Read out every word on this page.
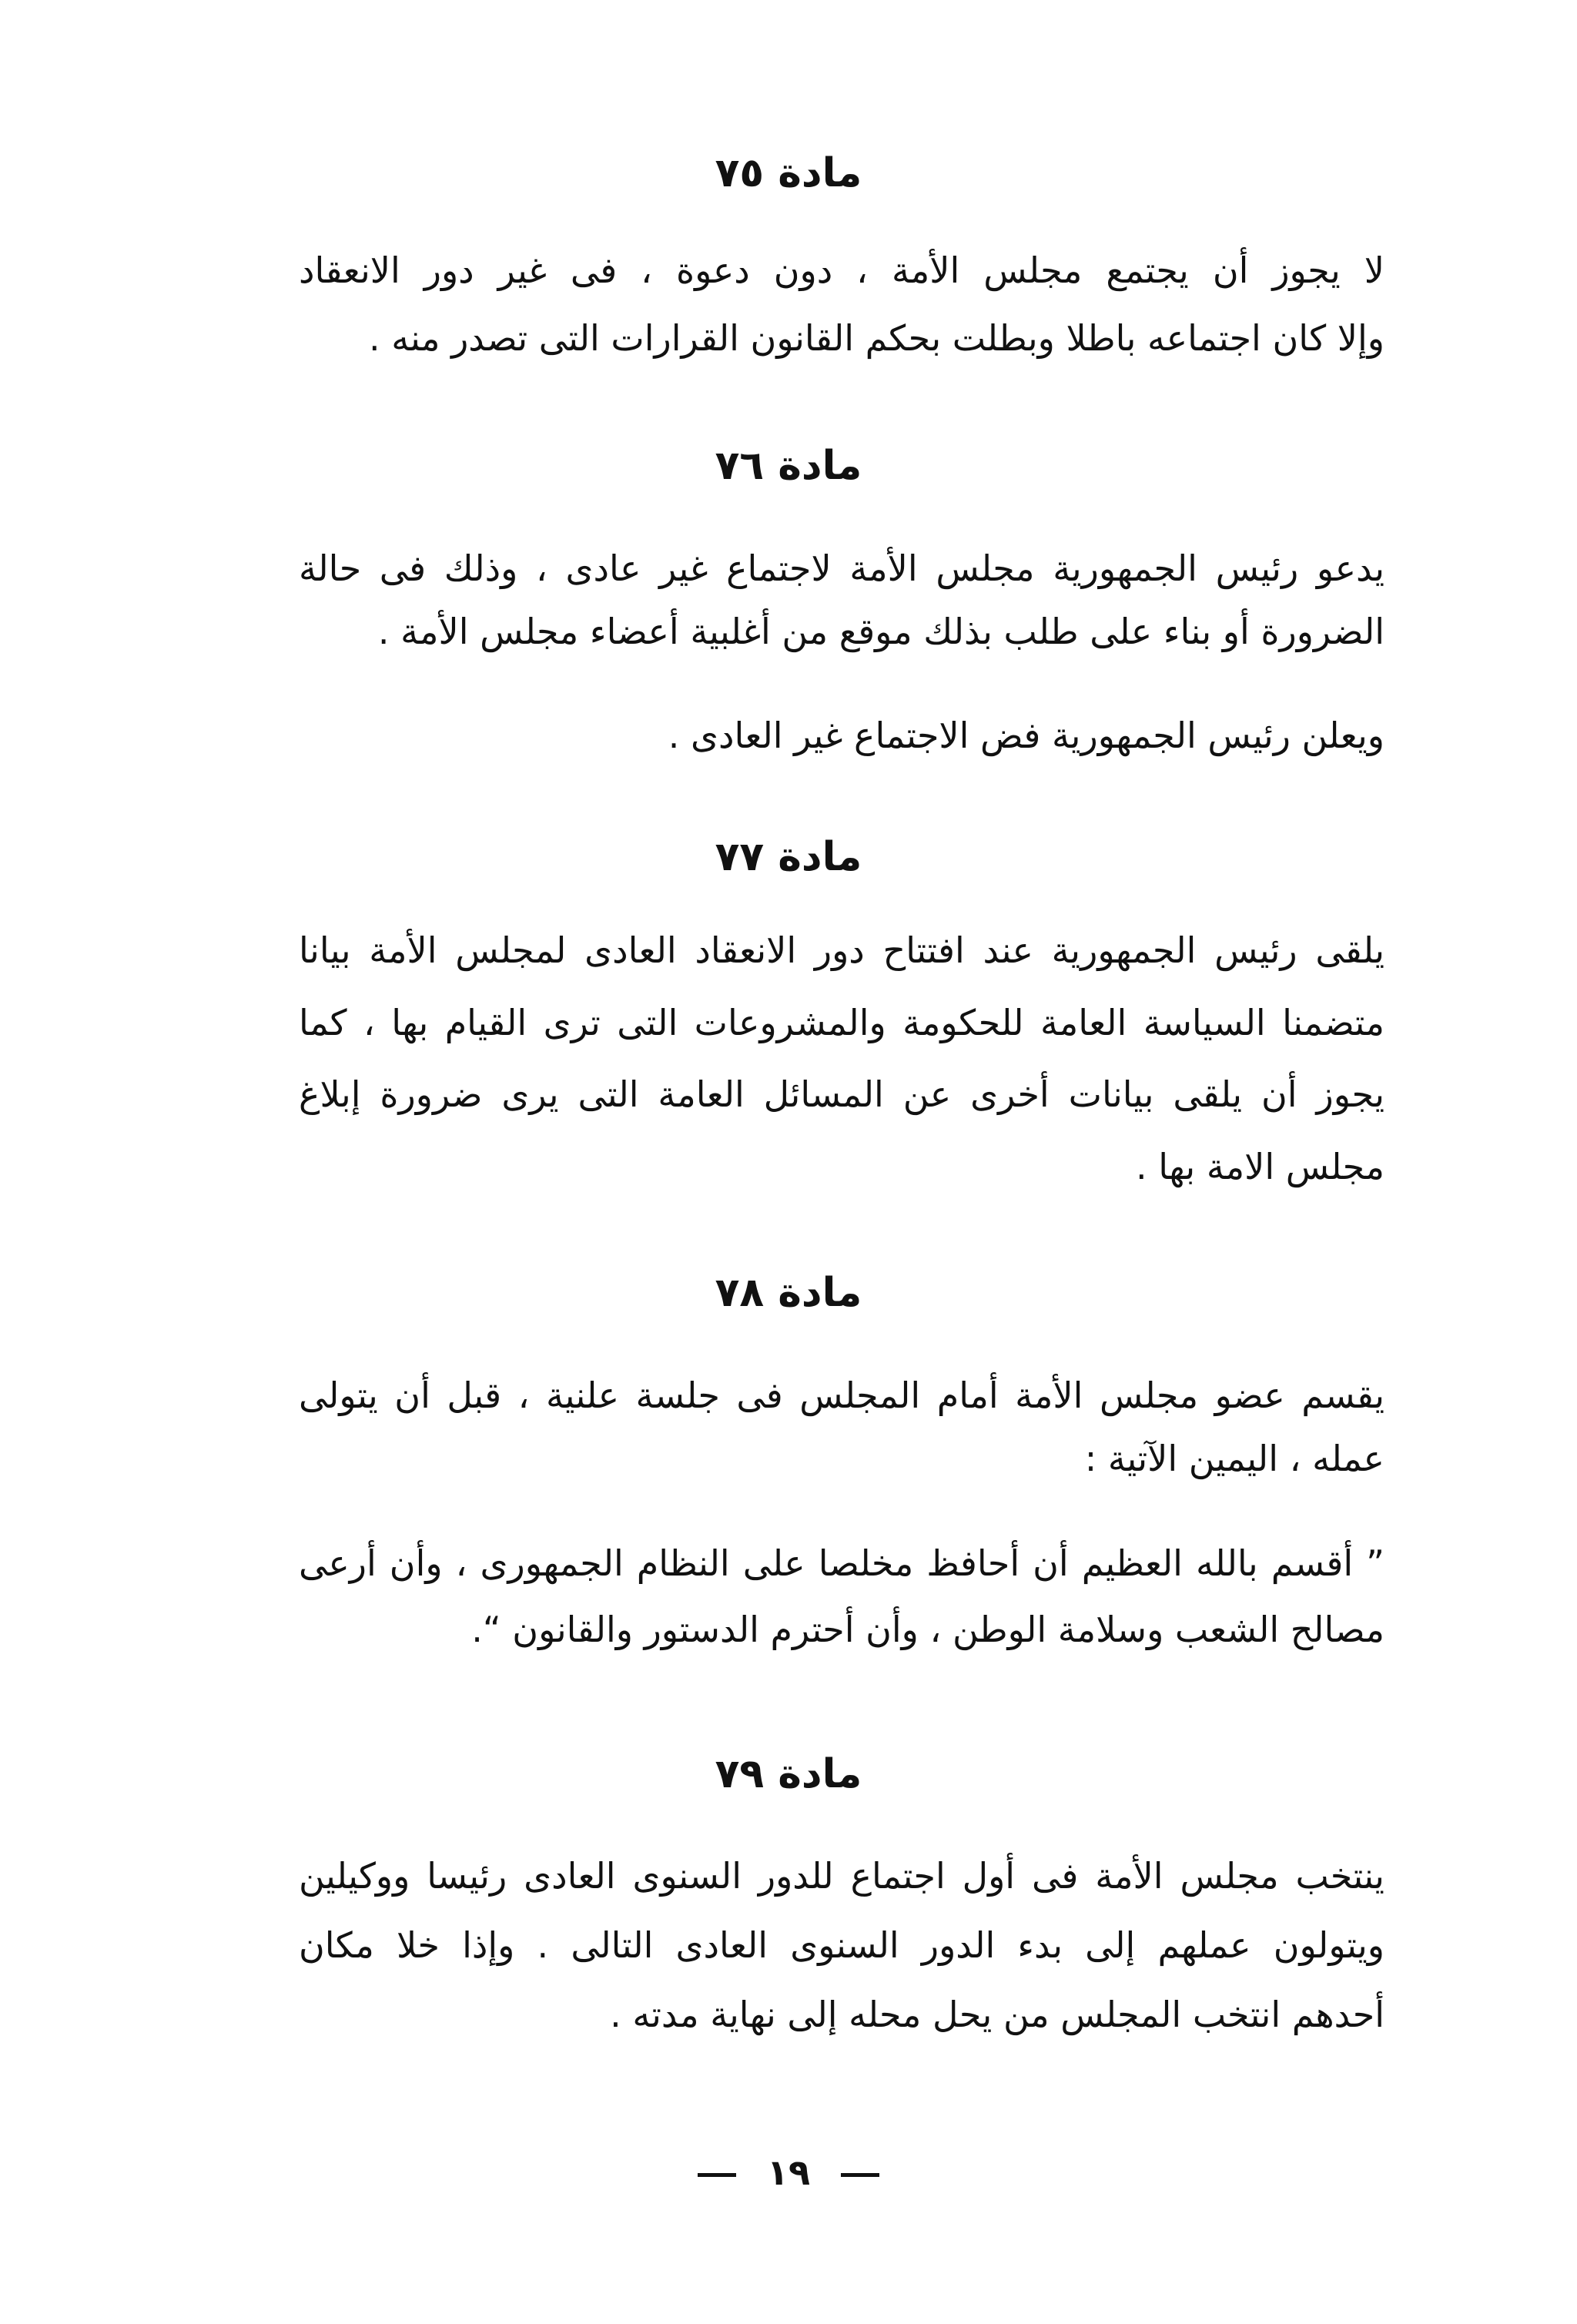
مادة ٧٥
لا يجوز أن يجتمع مجلس الأمة ، دون دعوة ، فى غير دور الانعقاد
وإلا كان اجتماعه باطلا وبطلت بحكم القانون القرارات التى تصدر منه .
مادة ٧٦
يدعو رئيس الجمهورية مجلس الأمة لاجتماع غير عادى ، وذلك فى حالة
الضرورة أو بناء على طلب بذلك موقع من أغلبية أعضاء مجلس الأمة .
ويعلن رئيس الجمهورية فض الاجتماع غير العادى .
مادة ٧٧
يلقى رئيس الجمهورية عند افتتاح دور الانعقاد العادى لمجلس الأمة بيانا
متضمنا السياسة العامة للحكومة والمشروعات التى ترى القيام بها ، كما
يجوز أن يلقى بيانات أخرى عن المسائل العامة التى يرى ضرورة إبلاغ
مجلس الامة بها .
مادة ٧٨
يقسم عضو مجلس الأمة أمام المجلس فى جلسة علنية ، قبل أن يتولى
عمله ، اليمين الآتية :
” أقسم بالله العظيم أن أحافظ مخلصا على النظام الجمهورى ، وأن أرعى
مصالح الشعب وسلامة الوطن ، وأن أحترم الدستور والقانون “.
مادة ٧٩
ينتخب مجلس الأمة فى أول اجتماع للدور السنوى العادى رئيسا ووكيلين
ويتولون عملهم إلى بدء الدور السنوى العادى التالى . وإذا خلا مكان
أحدهم انتخب المجلس من يحل محله إلى نهاية مدته .
١٩
